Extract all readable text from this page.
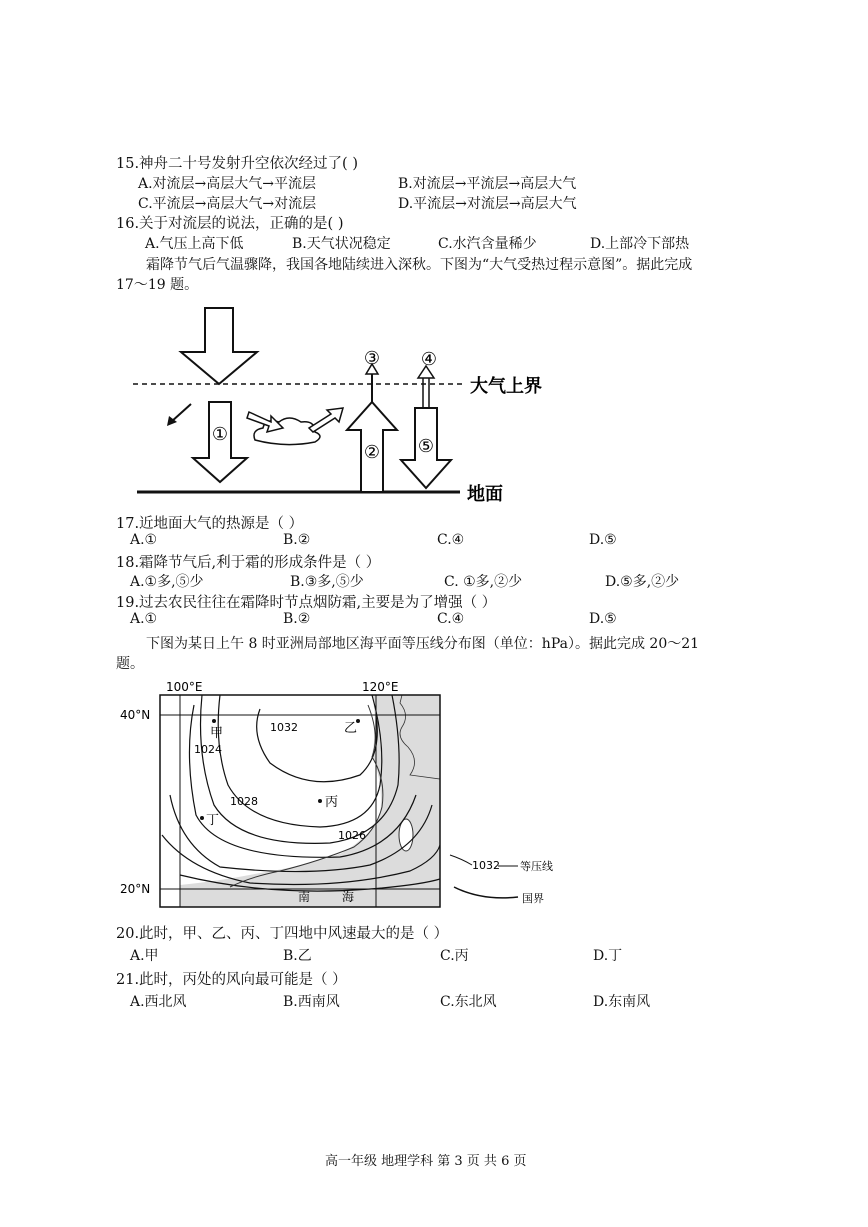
15.神舟二十号发射升空依次经过了( )
A.对流层→高层大气→平流层	B.对流层→平流层→高层大气
C.平流层→高层大气→对流层	D.平流层→对流层→高层大气
16.关于对流层的说法，正确的是( )
A.气压上高下低	B.天气状况稳定	C.水汽含量稀少	D.上部冷下部热
霜降节气后气温骤降，我国各地陆续进入深秋。下图为“大气受热过程示意图”。据此完成
17～19 题。
①
②
③
⑤
④
大气上界
地面
17.近地面大气的热源是（ ）
A.①	B.②	C.④	D.⑤
18.霜降节气后,利于霜的形成条件是（ ）
A.①多,⑤少	B.③多,⑤少	C. ①多,②少	D.⑤多,②少
19.过去农民往往在霜降时节点烟防霜,主要是为了增强（ ）
A.①	B.②	C.④	D.⑤
下图为某日上午 8 时亚洲局部地区海平面等压线分布图（单位：hPa）。据此完成 20～21
题。
100°E	120°E
40°N
20°N
1032
1024
1028
1026
甲	乙
丙
丁
南	海
1032 等压线
国界
20.此时，甲、乙、丙、丁四地中风速最大的是（ ）
A.甲	B.乙	C.丙	D.丁
21.此时，丙处的风向最可能是（ ）
A.西北风	B.西南风	C.东北风	D.东南风
高一年级 地理学科 第 3 页 共 6 页
